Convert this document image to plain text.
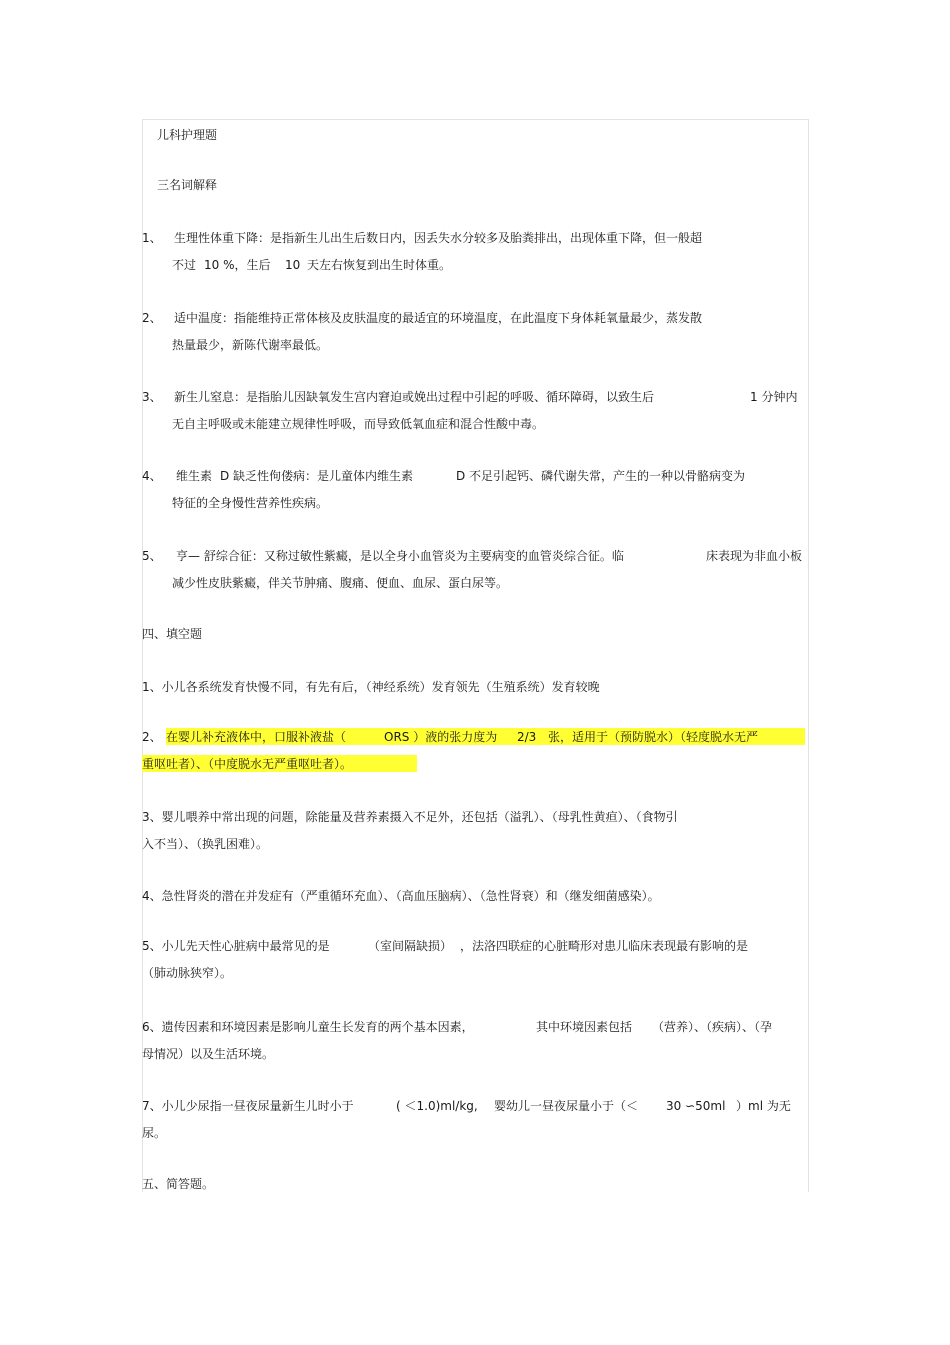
儿科护理题
三名词解释
1、 生理性体重下降：是指新生儿出生后数日内，因丢失水分较多及胎粪排出，出现体重下降，但一般超
不过 10 %，生后 10 天左右恢复到出生时体重。
2、 适中温度：指能维持正常体核及皮肤温度的最适宜的环境温度，在此温度下身体耗氧量最少，蒸发散
热量最少，新陈代谢率最低。
3、 新生儿窒息：是指胎儿因缺氧发生宫内窘迫或娩出过程中引起的呼吸、循环障碍，以致生后	1 分钟内
无自主呼吸或未能建立规律性呼吸，而导致低氧血症和混合性酸中毒。
4、 维生素 D 缺乏性佝偻病：是儿童体内维生素	D 不足引起钙、磷代谢失常，产生的一种以骨骼病变为
特征的全身慢性营养性疾病。
5、 亨— 舒综合征：又称过敏性紫癜，是以全身小血管炎为主要病变的血管炎综合征。临	床表现为非血小板
减少性皮肤紫癜，伴关节肿痛、腹痛、便血、血尿、蛋白尿等。
四、填空题
1、小儿各系统发育快慢不同，有先有后，（神经系统）发育领先（生殖系统）发育较晚
2、 在婴儿补充液体中，口服补液盐（	ORS ）液的张力度为 2/3 张，适用于（预防脱水）（轻度脱水无严
重呕吐者）、（中度脱水无严重呕吐者）。
3、婴儿喂养中常出现的问题，除能量及营养素摄入不足外，还包括（溢乳）、（母乳性黄疸）、（食物引
入不当）、（换乳困难）。
4、急性肾炎的潜在并发症有（严重循环充血）、（高血压脑病）、（急性肾衰）和（继发细菌感染）。
5、小儿先天性心脏病中最常见的是	（室间隔缺损） ，法洛四联症的心脏畸形对患儿临床表现最有影响的是
（肺动脉狭窄）。
6、遗传因素和环境因素是影响儿童生长发育的两个基本因素，	其中环境因素包括 （营养）、（疾病）、（孕
母情况）以及生活环境。
7、小儿少尿指一昼夜尿量新生儿时小于	( ＜1.0)ml/kg, 婴幼儿一昼夜尿量小于（＜ 30 ∽50ml ）ml 为无
尿。
五、简答题。
